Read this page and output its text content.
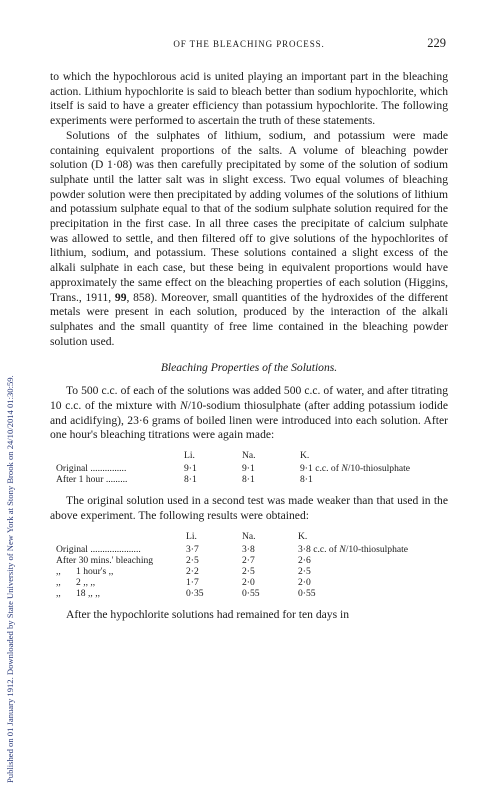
Published on 01 January 1912. Downloaded by State University of New York at Stony Brook on 24/10/2014 01:30:59.
OF THE BLEACHING PROCESS.	229

to which the hypochlorous acid is united playing an important part in the bleaching action. Lithium hypochlorite is said to bleach better than sodium hypochlorite, which itself is said to have a greater efficiency than potassium hypochlorite. The following experiments were performed to ascertain the truth of these statements.

Solutions of the sulphates of lithium, sodium, and potassium were made containing equivalent proportions of the salts. A volume of bleaching powder solution (D 1·08) was then carefully precipitated by some of the solution of sodium sulphate until the latter salt was in slight excess. Two equal volumes of bleaching powder solution were then precipitated by adding volumes of the solutions of lithium and potassium sulphate equal to that of the sodium sulphate solution required for the precipitation in the first case. In all three cases the precipitate of calcium sulphate was allowed to settle, and then filtered off to give solutions of the hypochlorites of lithium, sodium, and potassium. These solutions contained a slight excess of the alkali sulphate in each case, but these being in equivalent proportions would have approximately the same effect on the bleaching properties of each solution (Higgins, Trans., 1911, 99, 858). Moreover, small quantities of the hydroxides of the different metals were present in each solution, produced by the interaction of the alkali sulphates and the small quantity of free lime contained in the bleaching powder solution used.

Bleaching Properties of the Solutions.

To 500 c.c. of each of the solutions was added 500 c.c. of water, and after titrating 10 c.c. of the mixture with N/10-sodium thiosulphate (after adding potassium iodide and acidifying), 23·6 grams of boiled linen were introduced into each solution. After one hour's bleaching titrations were again made:

	Li.	Na.	K.
Original ...............	9·1	9·1	9·1 c.c. of N/10-thiosulphate
After 1 hour .........	8·1	8·1	8·1

The original solution used in a second test was made weaker than that used in the above experiment. The following results were obtained:

	Li.	Na.	K.
Original .....................	3·7	3·8	3·8 c.c. of N/10-thiosulphate
After 30 mins.' bleaching	2·5	2·7	2·6
,, 1 hour's ,,	2·2	2·5	2·5
,, 2 ,, ,,	1·7	2·0	2·0
,, 18 ,, ,,	0·35	0·55	0·55

After the hypochlorite solutions had remained for ten days in
